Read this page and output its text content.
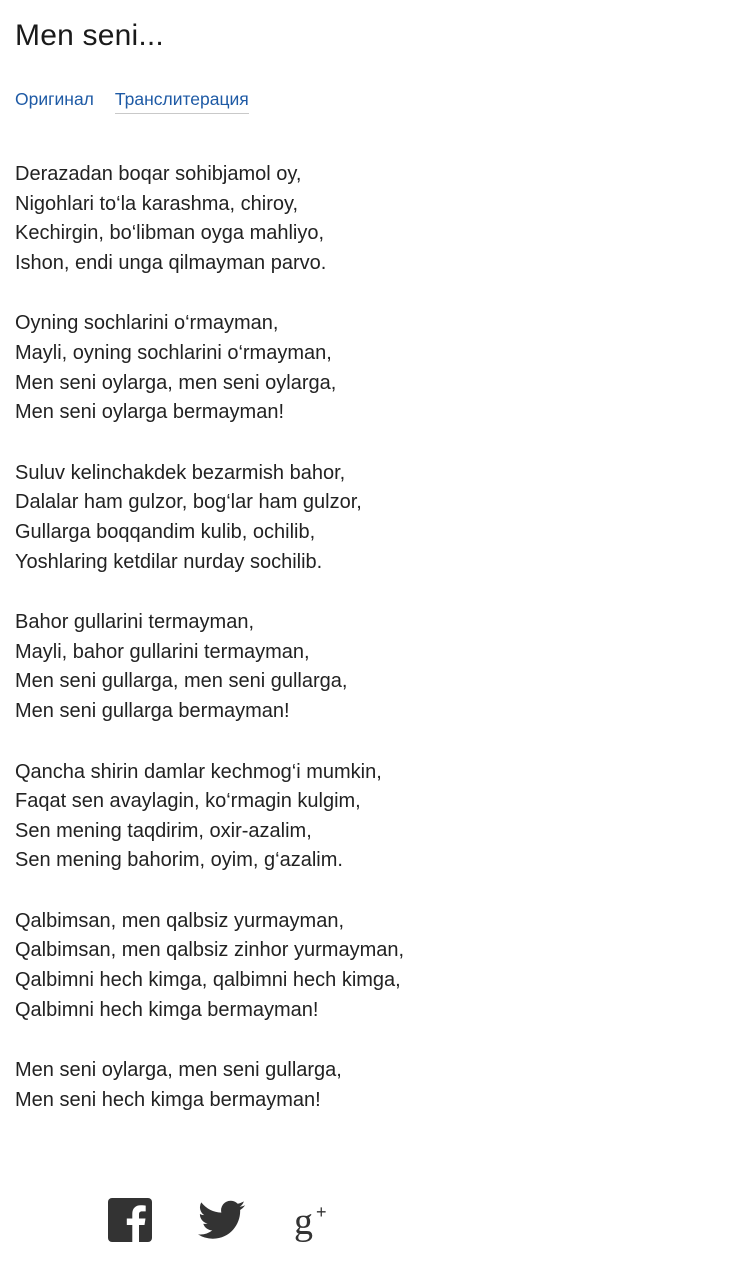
Men seni...
Оригинал Транслитерация

Derazadan boqar sohibjamol oy,
Nigohlari to‘la karashma, chiroy,
Kechirgin, bo‘libman oyga mahliyo,
Ishon, endi unga qilmayman parvo.

Oyning sochlarini o‘rmayman,
Mayli, oyning sochlarini o‘rmayman,
Men seni oylarga, men seni oylarga,
Men seni oylarga bermayman!

Suluv kelinchakdek bezarmish bahor,
Dalalar ham gulzor, bog‘lar ham gulzor,
Gullarga boqqandim kulib, ochilib,
Yoshlaring ketdilar nurday sochilib.

Bahor gullarini termayman,
Mayli, bahor gullarini termayman,
Men seni gullarga, men seni gullarga,
Men seni gullarga bermayman!

Qancha shirin damlar kechmog‘i mumkin,
Faqat sen avaylagin, ko‘rmagin kulgim,
Sen mening taqdirim, oxir-azalim,
Sen mening bahorim, oyim, g‘azalim.

Qalbimsan, men qalbsiz yurmayman,
Qalbimsan, men qalbsiz zinhor yurmayman,
Qalbimni hech kimga, qalbimni hech kimga,
Qalbimni hech kimga bermayman!

Men seni oylarga, men seni gullarga,
Men seni hech kimga bermayman!

g +
